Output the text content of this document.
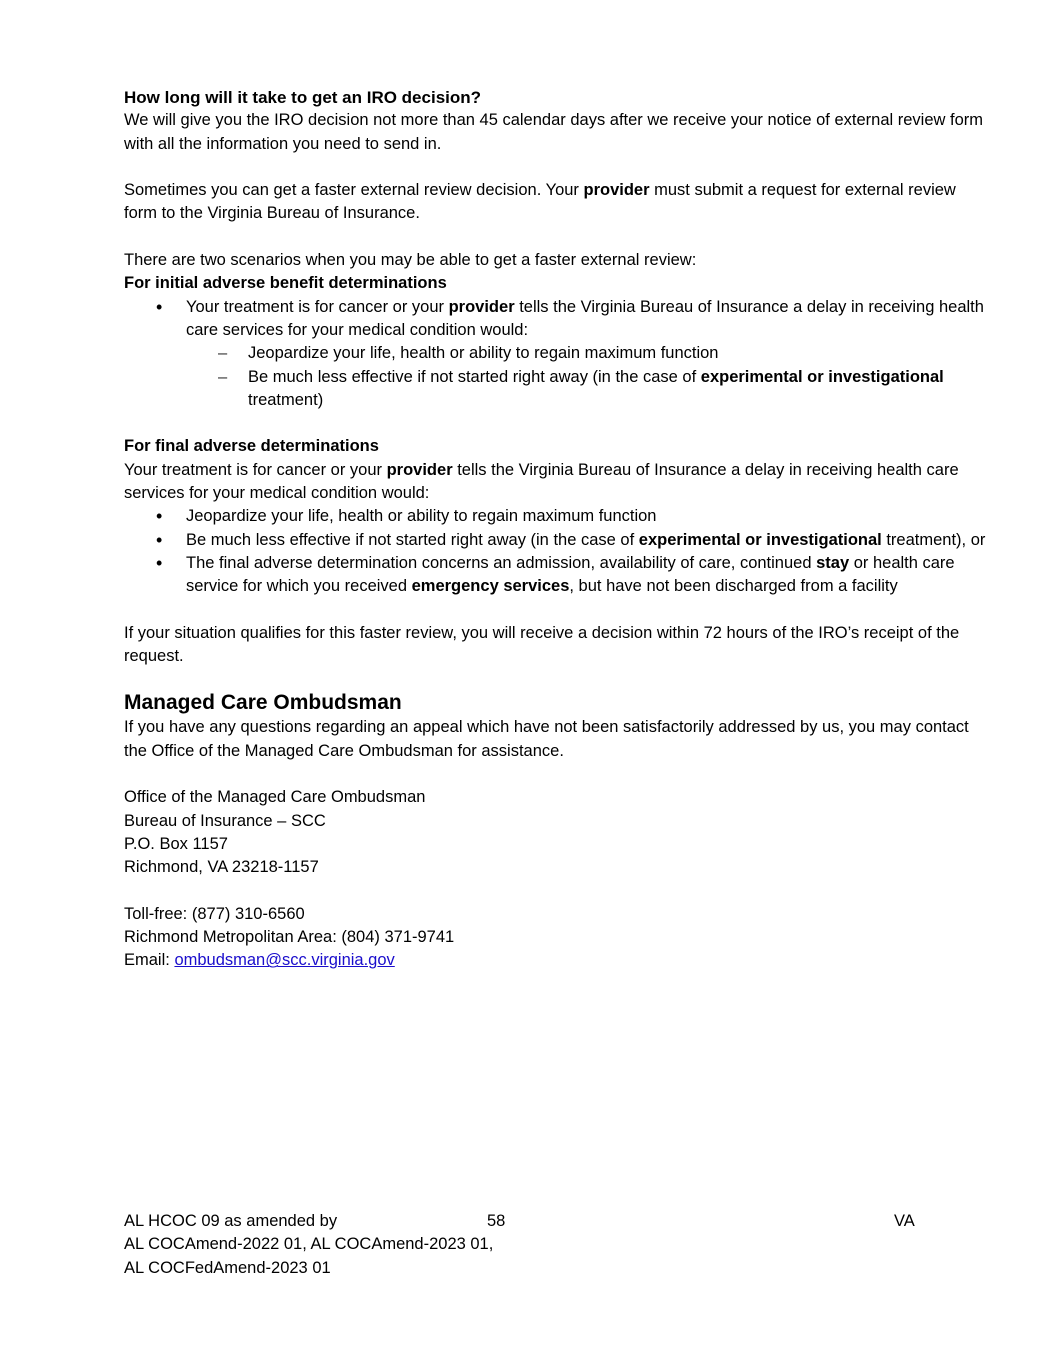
How long will it take to get an IRO decision?

We will give you the IRO decision not more than 45 calendar days after we receive your notice of external review form with all the information you need to send in.

Sometimes you can get a faster external review decision. Your provider must submit a request for external review form to the Virginia Bureau of Insurance.

There are two scenarios when you may be able to get a faster external review:

For initial adverse benefit determinations

• Your treatment is for cancer or your provider tells the Virginia Bureau of Insurance a delay in receiving health care services for your medical condition would:
– Jeopardize your life, health or ability to regain maximum function
– Be much less effective if not started right away (in the case of experimental or investigational treatment)

For final adverse determinations

Your treatment is for cancer or your provider tells the Virginia Bureau of Insurance a delay in receiving health care services for your medical condition would:

• Jeopardize your life, health or ability to regain maximum function
• Be much less effective if not started right away (in the case of experimental or investigational treatment), or
• The final adverse determination concerns an admission, availability of care, continued stay or health care service for which you received emergency services, but have not been discharged from a facility

If your situation qualifies for this faster review, you will receive a decision within 72 hours of the IRO’s receipt of the request.

Managed Care Ombudsman

If you have any questions regarding an appeal which have not been satisfactorily addressed by us, you may contact the Office of the Managed Care Ombudsman for assistance.

Office of the Managed Care Ombudsman

Bureau of Insurance – SCC

P.O. Box 1157

Richmond, VA 23218-1157

Toll-free: (877) 310-6560

Richmond Metropolitan Area: (804) 371-9741

Email: ombudsman@scc.virginia.gov

AL HCOC 09 as amended by	58	VA
AL COCAmend-2022 01, AL COCAmend-2023 01,
AL COCFedAmend-2023 01
